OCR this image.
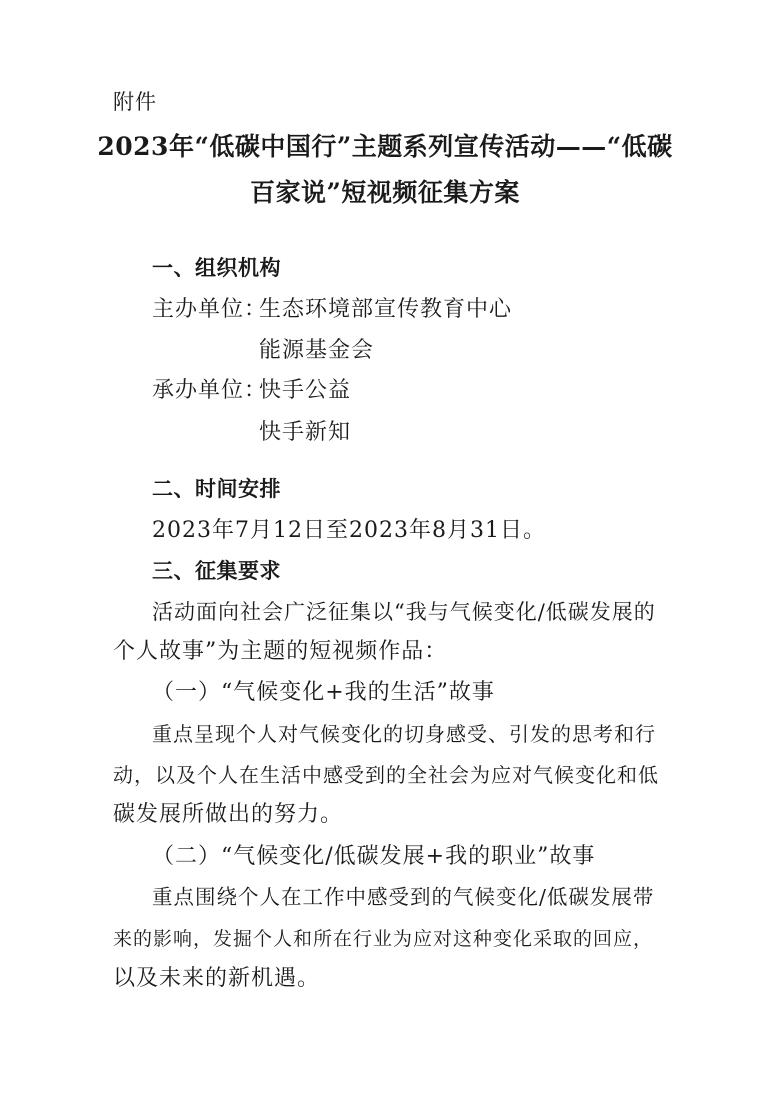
附件
2023年“低碳中国行”主题系列宣传活动——“低碳
百家说”短视频征集方案
一、组织机构
主办单位：
生态环境部宣传教育中心
能源基金会
承办单位：
快手公益
快手新知
二、时间安排
2023年7月12日至2023年8月31日。
三、征集要求
活动面向社会广泛征集以“我与气候变化/低碳发展的
个人故事”为主题的短视频作品：
（一）“气候变化+我的生活”故事
重点呈现个人对气候变化的切身感受、引发的思考和行
动，以及个人在生活中感受到的全社会为应对气候变化和低
碳发展所做出的努力。
（二）“气候变化/低碳发展+我的职业”故事
重点围绕个人在工作中感受到的气候变化/低碳发展带
来的影响，发掘个人和所在行业为应对这种变化采取的回应，
以及未来的新机遇。
